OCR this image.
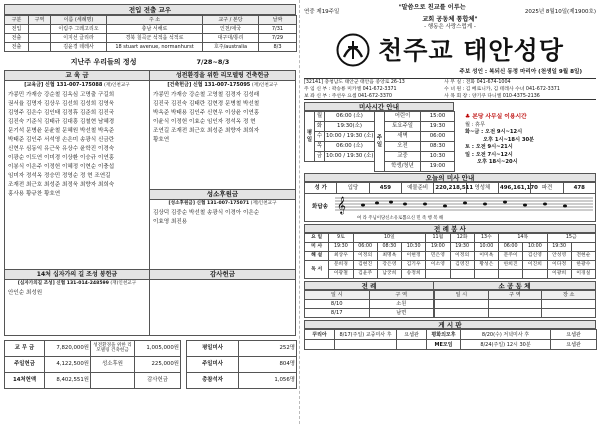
전입 전출 교우
구분	구역	이름 (세례명)	주 소	교구 / 본당	날짜
전입		이림주 그레고리오	충남 서해로	인천/애국	7/31
전출		이지선 글리라	경북 칠곡군 석적읍 석적로	대구대/통리	7/29
전출		김윤경 데레사	18 stuart avenue, normanhurst	호주/australia	8/3
지난주 우리들의 정성	7/28~8/3
교 육 금
[교육금] 신협 131-007-175088 (재)인천교구
가콩민 가재승 강순철 김옥심 고명출 구길희
권서율 김명자 김상우 김선희 김성희 김영욱
김영주 김은수 김인태 김정휴 김준희 김진국
김진숙 기준식 김태규 김대흥 김철현 남혜경
문기석 문병윤 문윤철 문혜원 박선철 박옥준
박태준 김인주 서석영 손은미 송광식 신금란
신현우 심동익 유근욱 유상수 윤학진 이경숙
이광순 이도연 이미경 이상환 이승규 이연홍
이봉식 이은주 이정헌 이혜정 이현순 이충섭
임미자 정석옥 정승민 정영순 정 현 조연길
조재전 최근호 최성준 최정욱 최향자 최희숙
홍사용 황규찬 황호연
성전환경을 위한 리모델링 건축헌금
[건축헌금] 신협 131-007-175095 (재)인천교구
가콩민 가재승 강순철 고영철 김경자 김성래
김진국 김진숙 김태란 김현경 문병철 박선철
박옥준 박태용 김인주 신현우 이상윤 이연홍
이윤식 이정헌 이효순 임인자 정석옥 정 현
조연길 조재전 최근호 최성준 최향자 최희자
황호연
성소후원금
[성소후원금] 신협 131-007-175071 (재)인천교구
김상덕 김중순 박선철 송광식 이경아 이은순
이효영 최진용
14처 십자가의 길 조성 봉헌금
[십자가의길 조성] 신협 131-014-248599 (재)인천교구
안인순 최성원
감사헌금
교 무 금	7,820,000원	성전환경을 위한 리모델링 건축헌금	1,005,000원		평일미사	252명
주일헌금	4,122,500원	성소후원	225,000원		주일미사	804명
14처헌액	8,402,551원		감사헌금		총참석자	1,056명
연중 제19주일
"말씀으로 친교를 이루는
2025년 8월10일(제1900호)
교회 공동체 통합체"
- 행동은 사랑스럽게 -
천주교 태안성당
주보 성인 : 복되신 동정 마리아 (천생일 9월 8일)
[32141] 충청남도 태안군 태안읍 중앙로 26-13
주 임 신 부 : 곽승룡 미카엘 041-672-3371
보 좌 신 부 : 주선우 요셉 041-672-3370
사 무 실 : 전화 041-674-1004
수 녀 원 : 김 베로니카, 김 테레사 수녀 041-672-3371
사 목 회 장 : 양기쿠 다니엘 010-4375-2136
미사시간 안내
평일	월	06:00 (소)	주일	어린이	15:00
	화	19:30(소)		토요주일	19:30
	수	10:00 / 19:30 (소)		새벽	06:00
	목	06:00 (소)		오전	08:30
	금	10:00 / 19:30 (소)		교중	10:30
				학생/청년	19:00
♣ 본당 사무실 이용시간
월 : 휴무
화~금 : 오전 9시~12시
오후 1시~18시 30분
토 : 오전 9시~21시
일 : 오전 7시~12시
오후 18시~20시
오늘의 미사 안내
성 가	입당	459	예물준비	220,218,511	영성체	496,161,170	파견	478
화답송 𝄞
여 라 주님이당신소유로뽑으신 민 족 행 복 해
전 례 봉 사
요 일	9토	10일			11월	12화	13수	14목		15금	
미 사	19:30	06:00	08:30	10:30	19:00	19:30	10:00	06:00	10:00	19:30	
해 설	최상우	이정의	최명옥	이현정	민은영	이정의	이미옥	문주이	김신영	안성영	전현순
독 서	문희경	김현진	강은영	김기우	이소영	김영진	황성은	한희진	이진희	이다정	한광수
	이광철	김윤주	남궁희	송정희						이광희	이경실
전 례
일 시	구 역
8/10	소원
8/17	남면
소 공 동 체
일 시	구 역	장 소

게 시 판
꾸리아	8/17(주일) 교중미사 후	요셉관	평화의모후	8/20(수) 저녁미사 후	요셉관
			ME모임	8/24(주일) 12시 30분	요셉관
